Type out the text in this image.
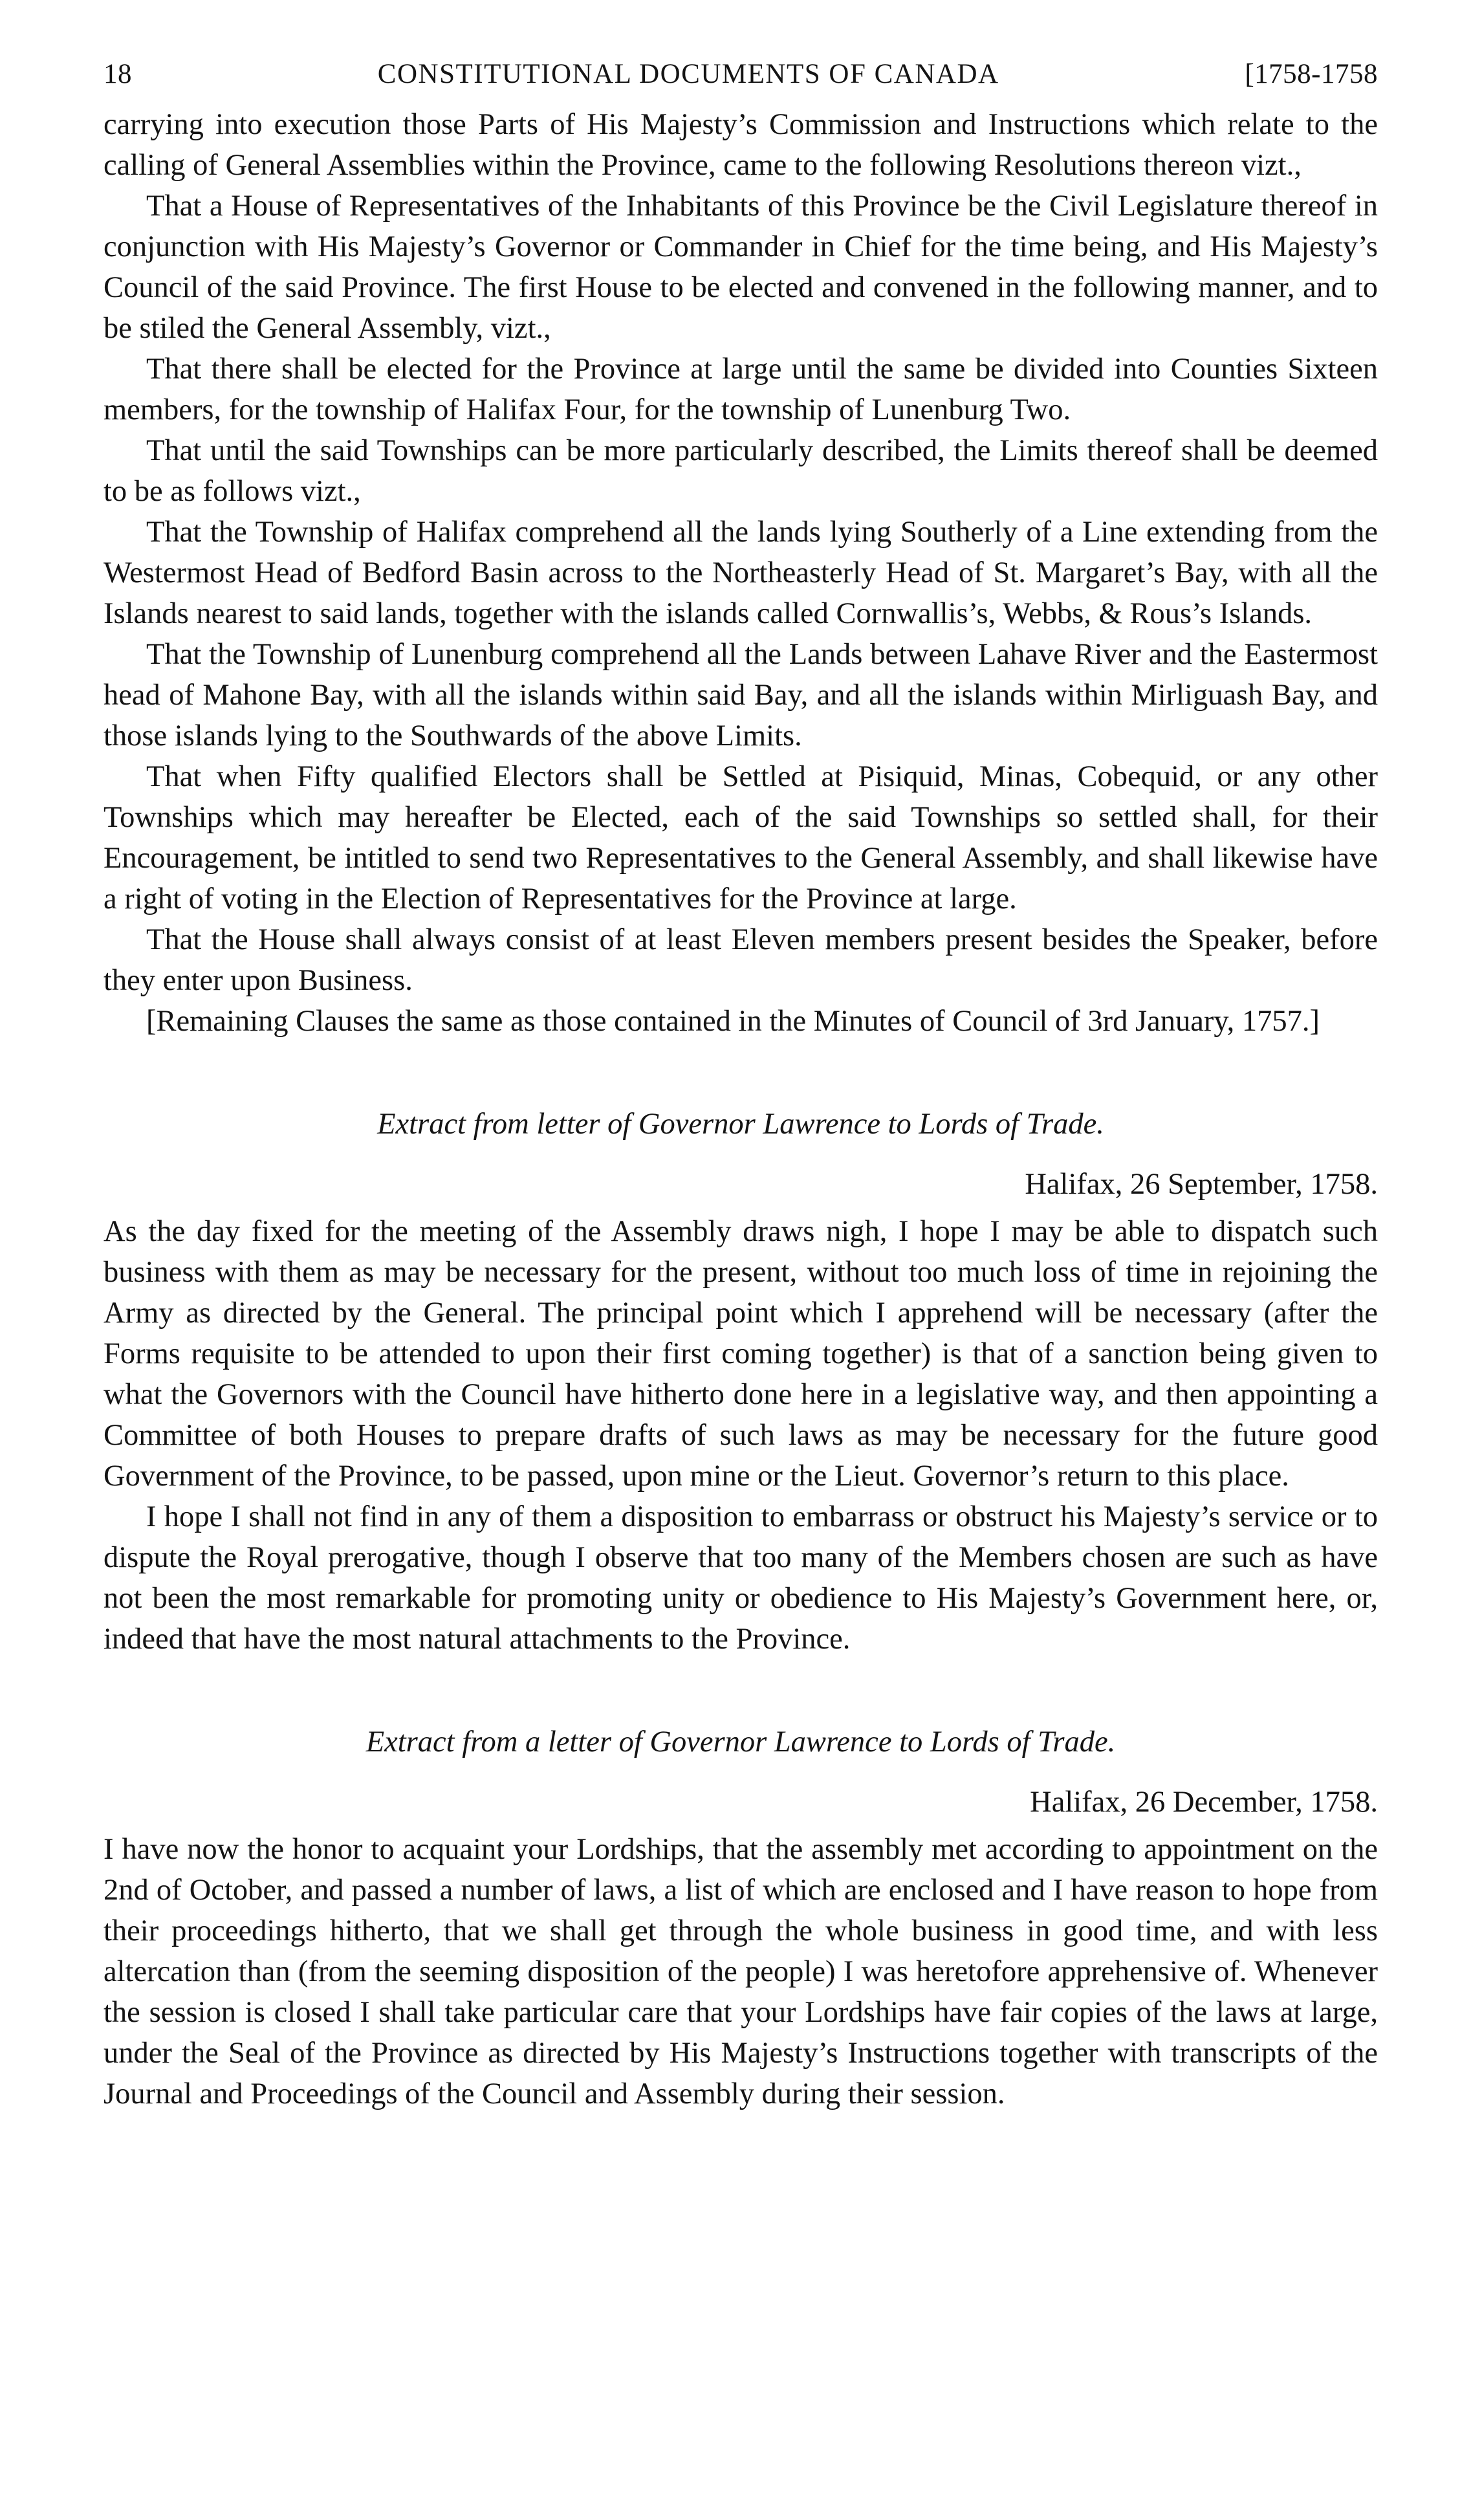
18	CONSTITUTIONAL DOCUMENTS OF CANADA	[1758-1758

carrying into execution those Parts of His Majesty’s Commission and Instructions which relate to the calling of General Assemblies within the Province, came to the following Resolutions thereon vizt.,

That a House of Representatives of the Inhabitants of this Province be the Civil Legislature thereof in conjunction with His Majesty’s Governor or Commander in Chief for the time being, and His Majesty’s Council of the said Province. The first House to be elected and convened in the following manner, and to be stiled the General Assembly, vizt.,

That there shall be elected for the Province at large until the same be divided into Counties Sixteen members, for the township of Halifax Four, for the township of Lunenburg Two.

That until the said Townships can be more particularly described, the Limits thereof shall be deemed to be as follows vizt.,

That the Township of Halifax comprehend all the lands lying Southerly of a Line extending from the Westermost Head of Bedford Basin across to the Northeasterly Head of St. Margaret’s Bay, with all the Islands nearest to said lands, together with the islands called Cornwallis’s, Webbs, & Rous’s Islands.

That the Township of Lunenburg comprehend all the Lands between Lahave River and the Eastermost head of Mahone Bay, with all the islands within said Bay, and all the islands within Mirliguash Bay, and those islands lying to the Southwards of the above Limits.

That when Fifty qualified Electors shall be Settled at Pisiquid, Minas, Cobequid, or any other Townships which may hereafter be Elected, each of the said Townships so settled shall, for their Encouragement, be intitled to send two Representatives to the General Assembly, and shall likewise have a right of voting in the Election of Representatives for the Province at large.

That the House shall always consist of at least Eleven members present besides the Speaker, before they enter upon Business.

[Remaining Clauses the same as those contained in the Minutes of Council of 3rd January, 1757.]

Extract from letter of Governor Lawrence to Lords of Trade.

Halifax, 26 September, 1758.

As the day fixed for the meeting of the Assembly draws nigh, I hope I may be able to dispatch such business with them as may be necessary for the present, without too much loss of time in rejoining the Army as directed by the General. The principal point which I apprehend will be necessary (after the Forms requisite to be attended to upon their first coming together) is that of a sanction being given to what the Governors with the Council have hitherto done here in a legislative way, and then appointing a Committee of both Houses to prepare drafts of such laws as may be necessary for the future good Government of the Province, to be passed, upon mine or the Lieut. Governor’s return to this place.

I hope I shall not find in any of them a disposition to embarrass or obstruct his Majesty’s service or to dispute the Royal prerogative, though I observe that too many of the Members chosen are such as have not been the most remarkable for promoting unity or obedience to His Majesty’s Government here, or, indeed that have the most natural attachments to the Province.

Extract from a letter of Governor Lawrence to Lords of Trade.

Halifax, 26 December, 1758.

I have now the honor to acquaint your Lordships, that the assembly met according to appointment on the 2nd of October, and passed a number of laws, a list of which are enclosed and I have reason to hope from their proceedings hitherto, that we shall get through the whole business in good time, and with less altercation than (from the seeming disposition of the people) I was heretofore apprehensive of. Whenever the session is closed I shall take particular care that your Lordships have fair copies of the laws at large, under the Seal of the Province as directed by His Majesty’s Instructions together with transcripts of the Journal and Proceedings of the Council and Assembly during their session.
